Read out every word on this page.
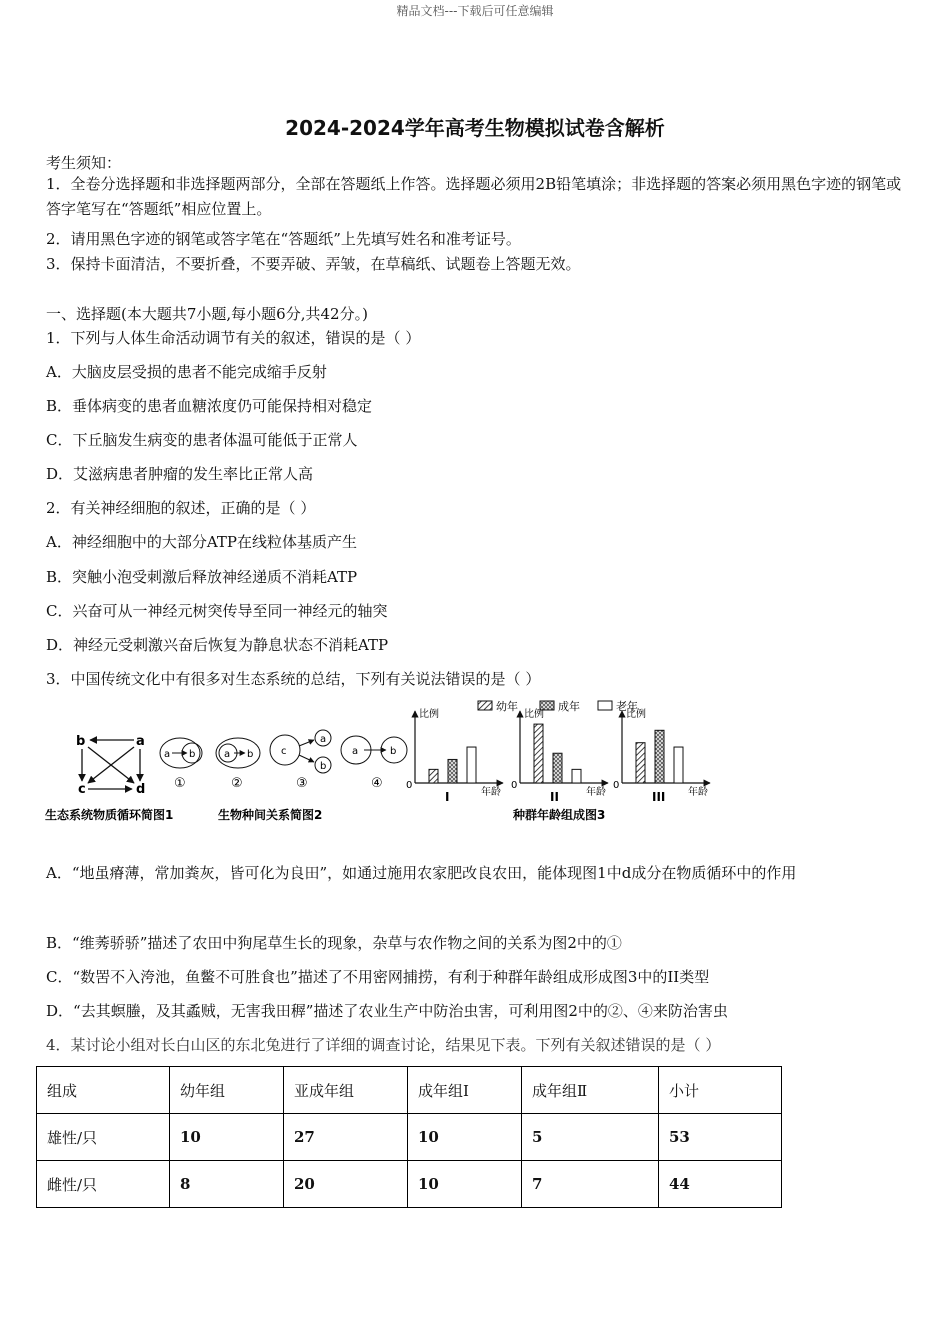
精品文档---下载后可任意编辑
2024-2024学年高考生物模拟试卷含解析
考生须知：
1．全卷分选择题和非选择题两部分，全部在答题纸上作答。选择题必须用2B铅笔填涂；非选择题的答案必须用黑色字迹的钢笔或答字笔写在“答题纸”相应位置上。
2．请用黑色字迹的钢笔或答字笔在“答题纸”上先填写姓名和准考证号。
3．保持卡面清洁，不要折叠，不要弄破、弄皱，在草稿纸、试题卷上答题无效。
一、选择题(本大题共7小题,每小题6分,共42分。)
1．下列与人体生命活动调节有关的叙述，错误的是（ ）
A．大脑皮层受损的患者不能完成缩手反射
B．垂体病变的患者血糖浓度仍可能保持相对稳定
C．下丘脑发生病变的患者体温可能低于正常人
D．艾滋病患者肿瘤的发生率比正常人高
2．有关神经细胞的叙述，正确的是（ ）
A．神经细胞中的大部分ATP在线粒体基质产生
B．突触小泡受刺激后释放神经递质不消耗ATP
C．兴奋可从一神经元树突传导至同一神经元的轴突
D．神经元受刺激兴奋后恢复为静息状态不消耗ATP
3．中国传统文化中有很多对生态系统的总结，下列有关说法错误的是（ ）
b	a
c	d
生态系统物质循环简图1
a b
①
a b
②
c
a
b
③
a	b
④
生物种间关系简图2
幼年	成年	老年
比例
年龄
0
I
比例
年龄
0
II
比例
年龄
0
III
种群年龄组成图3
A．“地虽瘠薄，常加粪灰，皆可化为良田”，如通过施用农家肥改良农田，能体现图1中d成分在物质循环中的作用
B．“维莠骄骄”描述了农田中狗尾草生长的现象，杂草与农作物之间的关系为图2中的①
C．“数罟不入洿池，鱼鳖不可胜食也”描述了不用密网捕捞，有利于种群年龄组成形成图3中的II类型
D．“去其螟螣，及其蟊贼，无害我田稺”描述了农业生产中防治虫害，可利用图2中的②、④来防治害虫
4．某讨论小组对长白山区的东北兔进行了详细的调查讨论，结果见下表。下列有关叙述错误的是（ ）
组成	幼年组	亚成年组	成年组Ⅰ	成年组Ⅱ	小计
雄性/只	10	27	10	5	53
雌性/只	8	20	10	7	44
